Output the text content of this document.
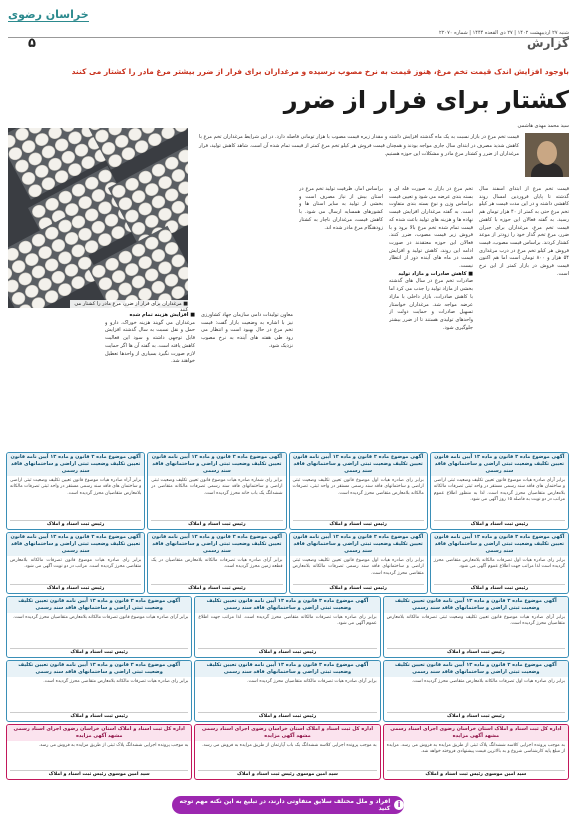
خراسان رضوی
شنبه ۲۷ اردیبهشت ۱۴۰۲ | ۲۷ ذی القعده ۱۴۴۴ | شماره ۲۲۰۷۰
۵	گزارش
باوجود افزایش اندک قیمت تخم مرغ، هنوز قیمت به نرخ مصوب نرسیده و مرغداران برای فرار از ضرر بیشتر مرغ مادر را کشتار می کنند
کشتار برای فرار از ضرر
سید محمد مهدی هاشمی
قیمت تخم مرغ در بازار نسبت به یک ماه گذشته افزایش داشته و مقدار زیره قیمت مصوب با هزار تومانی فاصله دارد. در این شرایط مرغداران تخم مرغ با کاهش شدید مصرف در ابتدای سال جاری مواجه بودند و همچنان قیمت فروش هر کیلو تخم مرغ کمتر از قیمت تمام شده آن است. شاهد کاهش تولید، فرار مرغداران از ضرر و کشتار مرغ مادر و مشکلات این حوزه هستیم.
■ مرغداران برای فرار از ضرر، مرغ مادر را کشتار می کنند
قیمت تخم مرغ از ابتدای اسفند سال گذشته تا پایان فروردین امسال روند کاهشی داشته و در این مدت قیمت هر کیلو تخم مرغ حتی به کمتر از ۴۰ هزار تومان هم رسید. به گفته فعالان این حوزه با کاهش قیمت تخم مرغ، مرغداران برای جبران ضرر، مرغ تخم گذار خود را زودتر از موعد کشتار کردند. براساس قیمت مصوب، قیمت فروش هر کیلو تخم مرغ در درب مرغداری ۵۴ هزار و ۸۰۰ تومان است اما هم اکنون قیمت فروش در بازار کمتر از این نرخ است.
تخم مرغ در بازار به صورت فله ای و بسته بندی عرضه می شود و تعیین قیمت براساس وزن و نوع بسته بندی متفاوت است. به گفته مرغداران افزایش قیمت نهاده ها و هزینه های تولید باعث شده که قیمت تمام شده تخم مرغ بالا برود و با فروش زیر قیمت مصوب، ضرر کنند. فعالان این حوزه معتقدند در صورت ادامه این روند، کاهش تولید و افزایش قیمت در ماه های آینده دور از انتظار نیست.
■ کاهش صادرات و مازاد تولید
صادرات تخم مرغ در سال های گذشته بخشی از مازاد تولید را جذب می کرد اما با کاهش صادرات، بازار داخلی با مازاد عرضه مواجه شد. مرغداران خواستار تسهیل صادرات و حمایت دولت از واحدهای تولیدی هستند تا از ضرر بیشتر جلوگیری شود.
براساس آمار، ظرفیت تولید تخم مرغ در استان بیش از نیاز مصرف است و بخشی از تولید به سایر استان ها و کشورهای همسایه ارسال می شود. با کاهش قیمت، مرغداران ناچار به کشتار زودهنگام مرغ مادر شده اند.
معاون تولیدات دامی سازمان جهاد کشاورزی نیز با اشاره به وضعیت بازار گفت: قیمت تخم مرغ در حال بهبود است و انتظار می رود طی هفته های آینده به نرخ مصوب نزدیک شود.
■ افزایش هزینه تمام شده
مرغداران می گویند هزینه خوراک، دارو و حمل و نقل نسبت به سال گذشته افزایش قابل توجهی داشته و سود این فعالیت کاهش یافته است. به گفته آن ها اگر حمایت لازم صورت نگیرد بسیاری از واحدها تعطیل خواهند شد.
آگهی موضوع ماده ۳ قانون و ماده ۱۳ آیین نامه قانون تعیین تکلیف وضعیت ثبتی اراضی و ساختمانهای فاقد سند رسمی
برابر آرای صادره هیات موضوع قانون تعیین تکلیف وضعیت ثبتی اراضی و ساختمان های فاقد سند رسمی مستقر در واحد ثبتی تصرفات مالکانه بلامعارض متقاضیان محرز گردیده است. لذا به منظور اطلاع عموم مراتب در دو نوبت به فاصله ۱۵ روز آگهی می شود.
رئیس ثبت اسناد و املاک
آگهی موضوع ماده ۳ قانون و ماده ۱۳ آیین نامه قانون تعیین تکلیف وضعیت ثبتی اراضی و ساختمانهای فاقد سند رسمی
برابر رای صادره هیات اول موضوع قانون تعیین تکلیف وضعیت ثبتی اراضی و ساختمانهای فاقد سند رسمی مستقر در واحد ثبتی، تصرفات مالکانه بلامعارض متقاضی محرز گردیده است.
رئیس ثبت اسناد و املاک
آگهی موضوع ماده ۳ قانون و ماده ۱۳ آیین نامه قانون تعیین تکلیف وضعیت ثبتی اراضی و ساختمانهای فاقد سند رسمی
برابر رای شماره صادره هیات موضوع قانون تعیین تکلیف وضعیت ثبتی اراضی و ساختمانهای فاقد سند رسمی تصرفات مالکانه متقاضی در ششدانگ یک باب خانه محرز گردیده است.
رئیس ثبت اسناد و املاک
آگهی موضوع ماده ۳ قانون و ماده ۱۳ آیین نامه قانون تعیین تکلیف وضعیت ثبتی اراضی و ساختمانهای فاقد سند رسمی
برابر آراء صادره هیات موضوع قانون تعیین تکلیف وضعیت ثبتی اراضی و ساختمان های فاقد سند رسمی مستقر در واحد ثبتی تصرفات مالکانه بلامعارض متقاضیان محرز گردیده است.
رئیس ثبت اسناد و املاک
آگهی موضوع ماده ۳ قانون و ماده ۱۳ آیین نامه قانون تعیین تکلیف وضعیت ثبتی اراضی و ساختمانهای فاقد سند رسمی
برابر رای صادره هیات اول تصرفات مالکانه بلامعارض متقاضی محرز گردیده است لذا مراتب جهت اطلاع عموم آگهی می شود.
رئیس ثبت اسناد و املاک
آگهی موضوع ماده ۳ قانون و ماده ۱۳ آیین نامه قانون تعیین تکلیف وضعیت ثبتی اراضی و ساختمانهای فاقد سند رسمی
برابر رای صادره هیات اول موضوع قانون تعیین تکلیف وضعیت ثبتی اراضی و ساختمانهای فاقد سند رسمی تصرفات مالکانه بلامعارض متقاضی محرز گردیده است.
رئیس ثبت اسناد و املاک
آگهی موضوع ماده ۳ قانون و ماده ۱۳ آیین نامه قانون تعیین تکلیف وضعیت ثبتی اراضی و ساختمانهای فاقد سند رسمی
برابر آرای صادره هیات تصرفات مالکانه بلامعارض متقاضیان در یک قطعه زمین محرز گردیده است.
رئیس ثبت اسناد و املاک
آگهی موضوع ماده ۳ قانون و ماده ۱۳ آیین نامه قانون تعیین تکلیف وضعیت ثبتی اراضی و ساختمانهای فاقد سند رسمی
برابر رای صادره هیات موضوع قانون تصرفات مالکانه بلامعارض متقاضی محرز گردیده است. مراتب در دو نوبت آگهی می شود.
رئیس ثبت اسناد و املاک
آگهی موضوع ماده ۳ قانون و ماده ۱۳ آیین نامه قانون تعیین تکلیف وضعیت ثبتی اراضی و ساختمانهای فاقد سند رسمی
برابر آرای صادره هیات موضوع قانون تعیین تکلیف وضعیت ثبتی تصرفات مالکانه بلامعارض متقاضیان محرز گردیده است.
رئیس ثبت اسناد و املاک
آگهی موضوع ماده ۳ قانون و ماده ۱۳ آیین نامه قانون تعیین تکلیف وضعیت ثبتی اراضی و ساختمانهای فاقد سند رسمی
برابر رای صادره هیات تصرفات مالکانه متقاضی محرز گردیده است. لذا مراتب جهت اطلاع عموم آگهی می شود.
رئیس ثبت اسناد و املاک
آگهی موضوع ماده ۳ قانون و ماده ۱۳ آیین نامه قانون تعیین تکلیف وضعیت ثبتی اراضی و ساختمانهای فاقد سند رسمی
برابر آرای صادره هیات موضوع قانون تصرفات مالکانه بلامعارض متقاضیان محرز گردیده است.
رئیس ثبت اسناد و املاک
آگهی موضوع ماده ۳ قانون و ماده ۱۳ آیین نامه قانون تعیین تکلیف وضعیت ثبتی اراضی و ساختمانهای فاقد سند رسمی
برابر رای صادره هیات اول تصرفات مالکانه بلامعارض متقاضی محرز گردیده است.
رئیس ثبت اسناد و املاک
آگهی موضوع ماده ۳ قانون و ماده ۱۳ آیین نامه قانون تعیین تکلیف وضعیت ثبتی اراضی و ساختمانهای فاقد سند رسمی
برابر آرای صادره هیات تصرفات مالکانه متقاضیان محرز گردیده است.
رئیس ثبت اسناد و املاک
آگهی موضوع ماده ۳ قانون و ماده ۱۳ آیین نامه قانون تعیین تکلیف وضعیت ثبتی اراضی و ساختمانهای فاقد سند رسمی
برابر رای صادره هیات تصرفات مالکانه بلامعارض متقاضی محرز گردیده است.
رئیس ثبت اسناد و املاک
اداره کل ثبت اسناد و املاک استان خراسان رضوی اجرای اسناد رسمی مشهد آگهی مزایده
به موجب پرونده اجرایی کلاسه ششدانگ پلاک ثبتی از طریق مزایده به فروش می رسد. مزایده از مبلغ پایه کارشناسی شروع و به بالاترین قیمت پیشنهادی فروخته خواهد شد.
سید امین موسوی رئیس ثبت اسناد و املاک
اداره کل ثبت اسناد و املاک استان خراسان رضوی اجرای اسناد رسمی مشهد آگهی مزایده
به موجب پرونده اجرایی کلاسه ششدانگ یک باب آپارتمان از طریق مزایده به فروش می رسد.
سید امین موسوی رئیس ثبت اسناد و املاک
اداره کل ثبت اسناد و املاک استان خراسان رضوی اجرای اسناد رسمی مشهد آگهی مزایده
به موجب پرونده اجرایی ششدانگ پلاک ثبتی از طریق مزایده به فروش می رسد.
سید امین موسوی رئیس ثبت اسناد و املاک
i
افراد و ملل مختلف سلایق متفاوتی دارند، در تبلیغ به این نکته مهم توجه کنید
